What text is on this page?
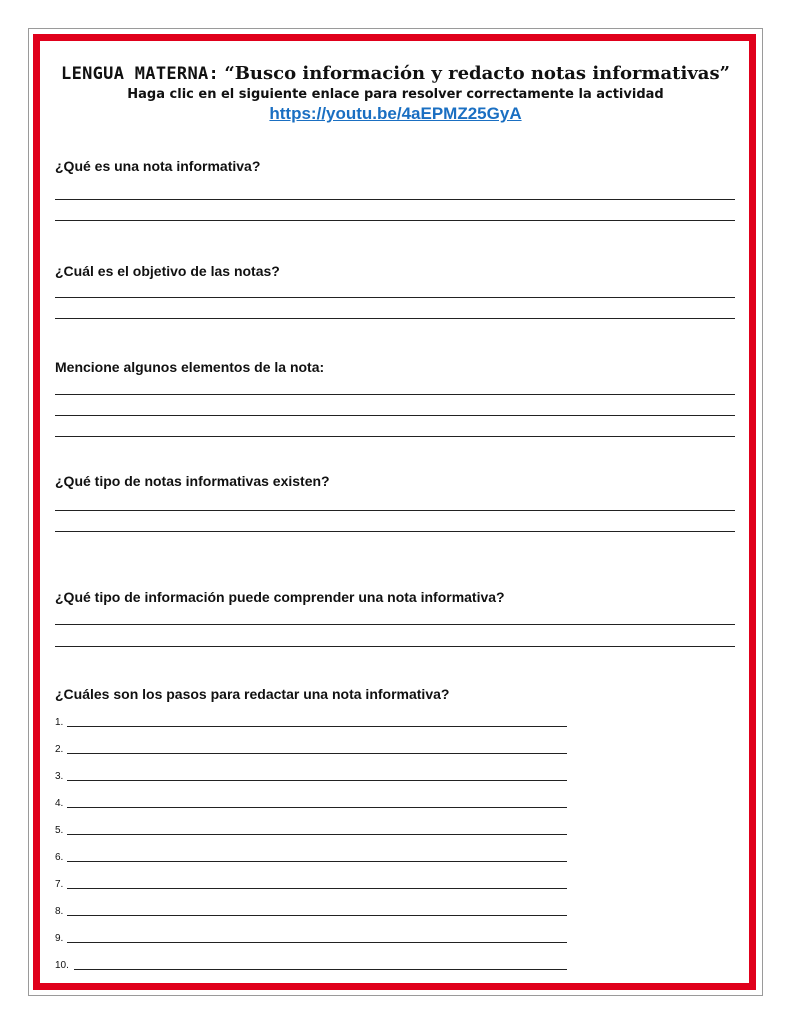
LENGUA MATERNA: “Busco información y redacto notas informativas”
Haga clic en el siguiente enlace para resolver correctamente la actividad
https://youtu.be/4aEPMZ25GyA
¿Qué es una nota informativa?
¿Cuál es el objetivo de las notas?
Mencione algunos elementos de la nota:
¿Qué tipo de notas informativas existen?
¿Qué tipo de información puede comprender una nota informativa?
¿Cuáles son los pasos para redactar una nota informativa?
1.
2.
3.
4.
5.
6.
7.
8.
9.
10.
